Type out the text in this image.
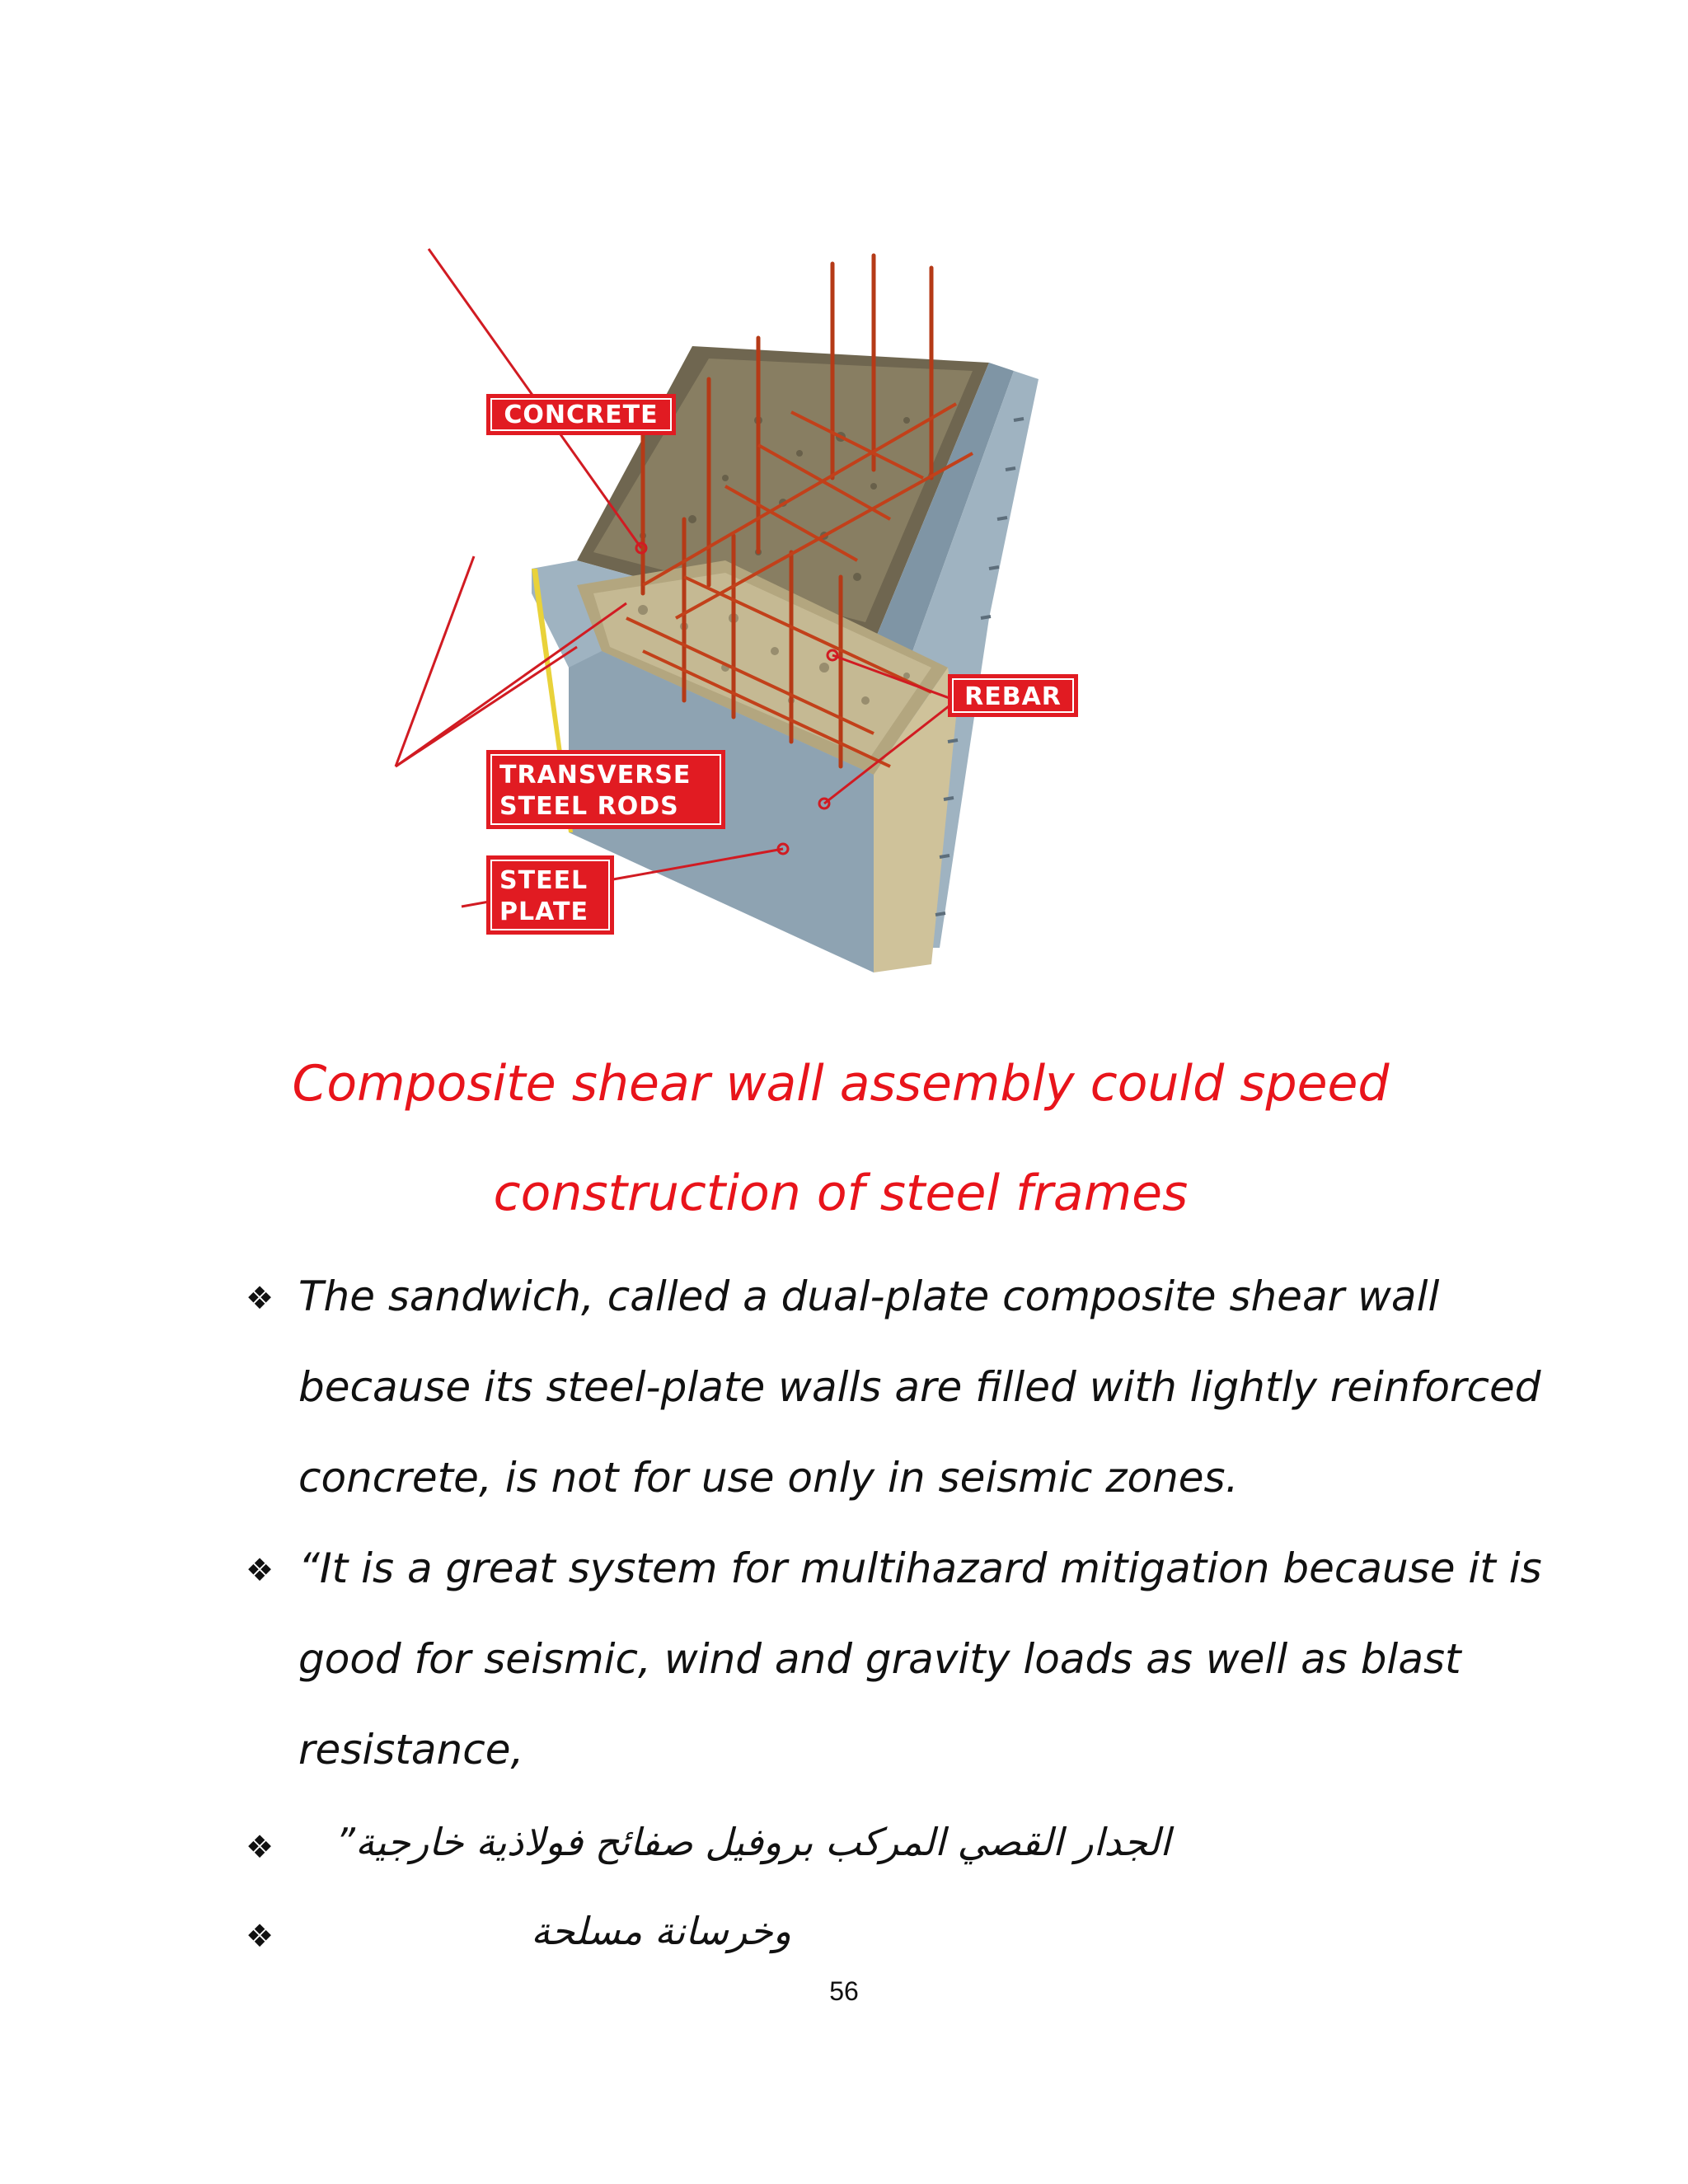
CONCRETE
REBAR
TRANSVERSE
STEEL RODS
STEEL
PLATE
Composite shear wall assembly could speed
construction of steel frames
❖ The sandwich, called a dual-plate composite shear wall
because its steel-plate walls are filled with lightly reinforced
concrete, is not for use only in seismic zones.
❖ “It is a great system for multihazard mitigation because it is
good for seismic, wind and gravity loads as well as blast
resistance,
❖	الجدار القصي المركب بروفيل صفائح فولاذية خارجية”
❖	وخرسانة مسلحة
56
